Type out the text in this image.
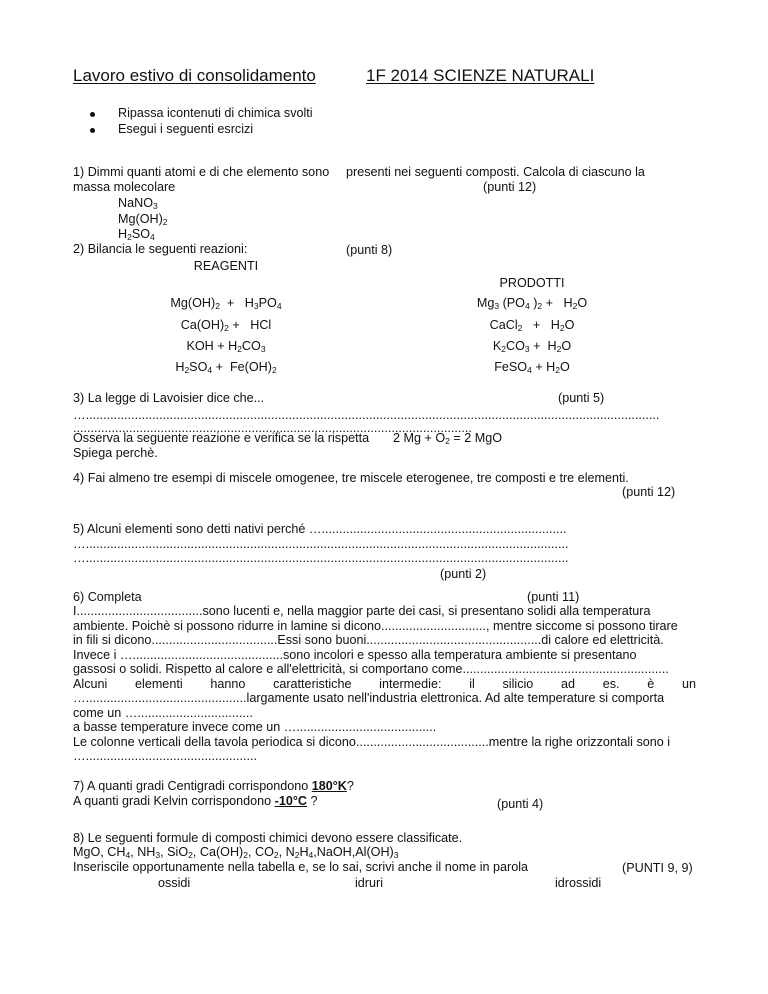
Lavoro estivo di consolidamento	1F 2014 SCIENZE NATURALI
Ripassa icontenuti di chimica svolti
Esegui i seguenti esrcizi
1) Dimmi quanti atomi e di che elemento sono presenti nei seguenti composti. Calcola di ciascuno la
massa molecolare	(punti 12)
NaNO$_3$
$Mg(OH)_2$
$H_2SO_4$
2) Bilancia le seguenti reazioni:	(punti 8)
REAGENTI
PRODOTTI
$Mg(OH)_2 + H_3PO_4$	$Mg_3$ ($PO_4$ )$_2 + H_2O$
$Ca(OH)_2$ +   HCl	CaCl$_2$   +   $H_2O$
KOH + $H_2CO_3$	$K_2CO_3 + H_2O$
$H_2SO_4 + Fe(OH)_2$	FeSO$_4$ + $H_2O$
3) La legge di Lavoisier dice che...	(punti 5)
…....................................................................................................................................................................
..................................................................................................................
Osserva la seguente reazione e verifica se la rispetta 2 $Mg + O_2 = 2$ MgO
Spiega perchè.
4) Fai almeno tre esempi di miscele omogenee, tre miscele eterogenee, tre composti e tre elementi.
(punti 12)
5) Alcuni elementi sono detti nativi perché …......................................................................
…..........................................................................................................................................
…..........................................................................................................................................
(punti 2)
6) Completa	(punti 11)
I....................................sono lucenti e, nella maggior parte dei casi, si presentano solidi alla temperatura
ambiente. Poichè si possono ridurre in lamine si dicono.............................., mentre siccome si possono tirare
in fili si dicono....................................Essi sono buoni..................................................di calore ed elettricità.
Invece i …...........................................sono incolori e spesso alla temperatura ambiente si presentano
gassosi o solidi. Rispetto al calore e all'elettricità, si comportano come...........................................................
Alcuni elementi hanno caratteristiche intermedie: il silicio ad es. è un
…..............................................largamente usato nell'industria elettronica. Ad alte temperature si comporta
come un ….................................
a basse temperature invece come un …........................................
Le colonne verticali della tavola periodica si dicono......................................mentre la righe orizzontali sono i
….................................................
7) A quanti gradi Centigradi corrispondono 180°K?
A quanti gradi Kelvin corrispondono -10°C ?	(punti 4)
8) Le seguenti formule di composti chimici devono essere classificate.
MgO, $CH_4$, $NH_3$, SiO$_2$, $Ca(OH)_2$, $CO_2$, $N_2H_4,NaOH,Al(OH)_3$
Inseriscile opportunamente nella tabella e, se lo sai, scrivi anche il nome in parola	(PUNTI 9, 9)
ossidi	idruri	idrossidi
